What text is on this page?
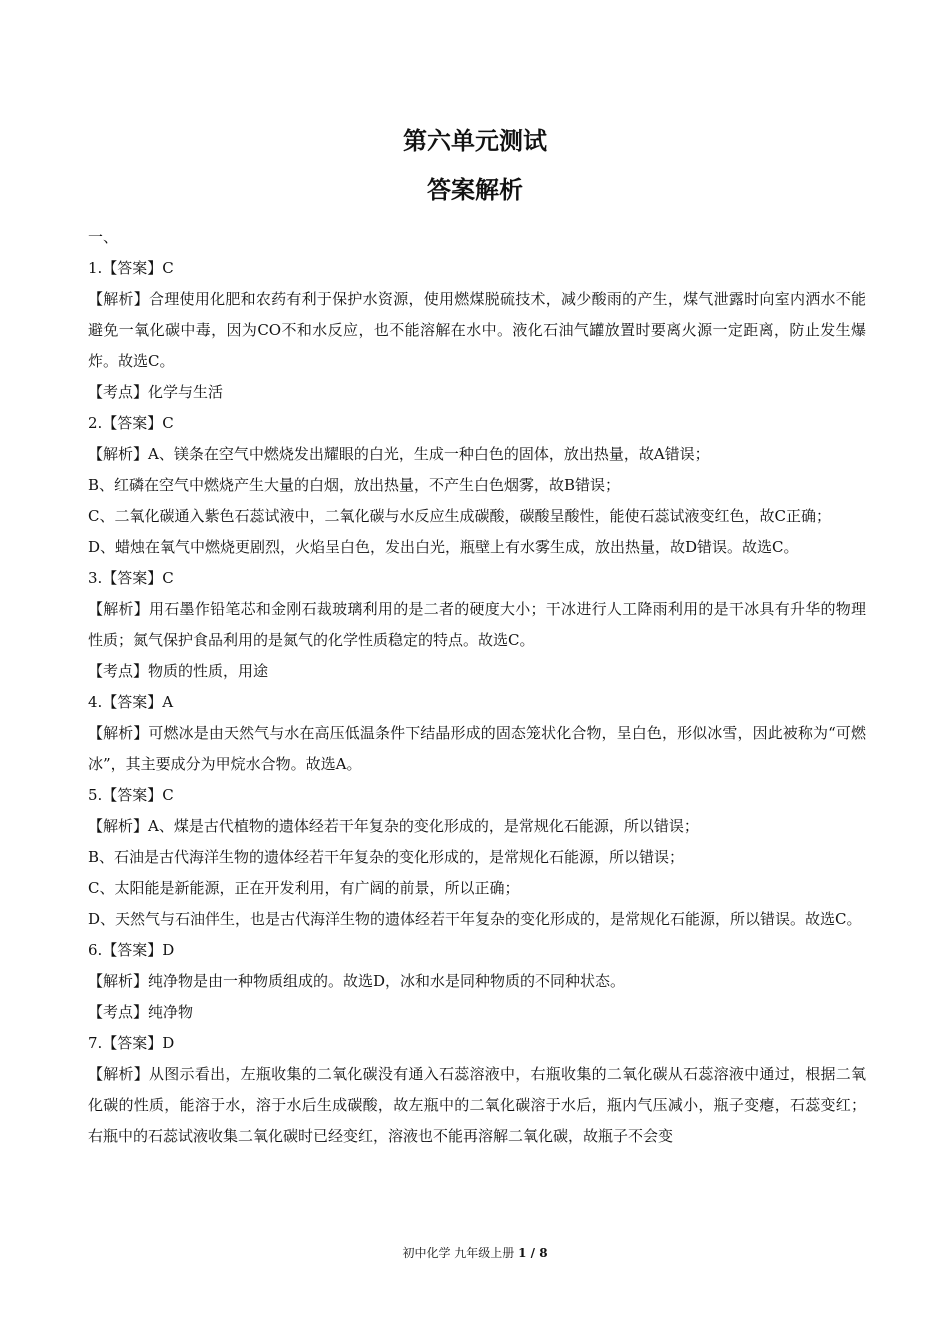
第六单元测试
答案解析

一、

1.【答案】C

【解析】合理使用化肥和农药有利于保护水资源，使用燃煤脱硫技术，减少酸雨的产生，煤气泄露时向室内洒水不能避免一氧化碳中毒，因为CO不和水反应，也不能溶解在水中。液化石油气罐放置时要离火源一定距离，防止发生爆炸。故选C。

【考点】化学与生活

2.【答案】C

【解析】A、镁条在空气中燃烧发出耀眼的白光，生成一种白色的固体，放出热量，故A错误；

B、红磷在空气中燃烧产生大量的白烟，放出热量，不产生白色烟雾，故B错误；

C、二氧化碳通入紫色石蕊试液中，二氧化碳与水反应生成碳酸，碳酸呈酸性，能使石蕊试液变红色，故C正确；

D、蜡烛在氧气中燃烧更剧烈，火焰呈白色，发出白光，瓶壁上有水雾生成，放出热量，故D错误。故选C。

3.【答案】C

【解析】用石墨作铅笔芯和金刚石裁玻璃利用的是二者的硬度大小；干冰进行人工降雨利用的是干冰具有升华的物理性质；氮气保护食品利用的是氮气的化学性质稳定的特点。故选C。

【考点】物质的性质，用途

4.【答案】A

【解析】可燃冰是由天然气与水在高压低温条件下结晶形成的固态笼状化合物，呈白色，形似冰雪，因此被称为“可燃冰”，其主要成分为甲烷水合物。故选A。

5.【答案】C

【解析】A、煤是古代植物的遗体经若干年复杂的变化形成的，是常规化石能源，所以错误；

B、石油是古代海洋生物的遗体经若干年复杂的变化形成的，是常规化石能源，所以错误；

C、太阳能是新能源，正在开发利用，有广阔的前景，所以正确；

D、天然气与石油伴生，也是古代海洋生物的遗体经若干年复杂的变化形成的，是常规化石能源，所以错误。故选C。

6.【答案】D

【解析】纯净物是由一种物质组成的。故选D，冰和水是同种物质的不同种状态。

【考点】纯净物

7.【答案】D

【解析】从图示看出，左瓶收集的二氧化碳没有通入石蕊溶液中，右瓶收集的二氧化碳从石蕊溶液中通过，根据二氧化碳的性质，能溶于水，溶于水后生成碳酸，故左瓶中的二氧化碳溶于水后，瓶内气压减小，瓶子变瘪，石蕊变红；右瓶中的石蕊试液收集二氧化碳时已经变红，溶液也不能再溶解二氧化碳，故瓶子不会变

初中化学 九年级上册 1 / 8
